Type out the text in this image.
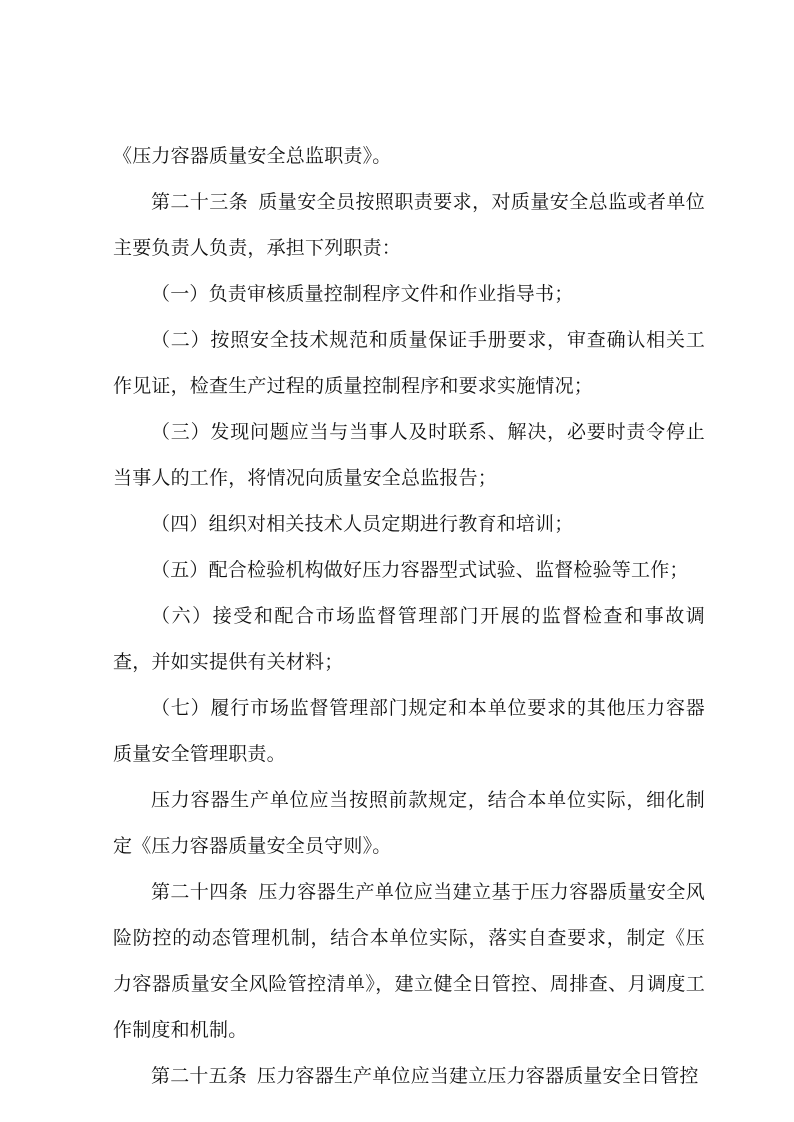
《压力容器质量安全总监职责》。

第二十三条 质量安全员按照职责要求，对质量安全总监或者单位主要负责人负责，承担下列职责：

（一）负责审核质量控制程序文件和作业指导书；

（二）按照安全技术规范和质量保证手册要求，审查确认相关工作见证，检查生产过程的质量控制程序和要求实施情况；

（三）发现问题应当与当事人及时联系、解决，必要时责令停止当事人的工作，将情况向质量安全总监报告；

（四）组织对相关技术人员定期进行教育和培训；

（五）配合检验机构做好压力容器型式试验、监督检验等工作；

（六）接受和配合市场监督管理部门开展的监督检查和事故调查，并如实提供有关材料；

（七）履行市场监督管理部门规定和本单位要求的其他压力容器质量安全管理职责。

压力容器生产单位应当按照前款规定，结合本单位实际，细化制定《压力容器质量安全员守则》。

第二十四条 压力容器生产单位应当建立基于压力容器质量安全风险防控的动态管理机制，结合本单位实际，落实自查要求，制定《压力容器质量安全风险管控清单》，建立健全日管控、周排查、月调度工作制度和机制。

第二十五条 压力容器生产单位应当建立压力容器质量安全日管控
